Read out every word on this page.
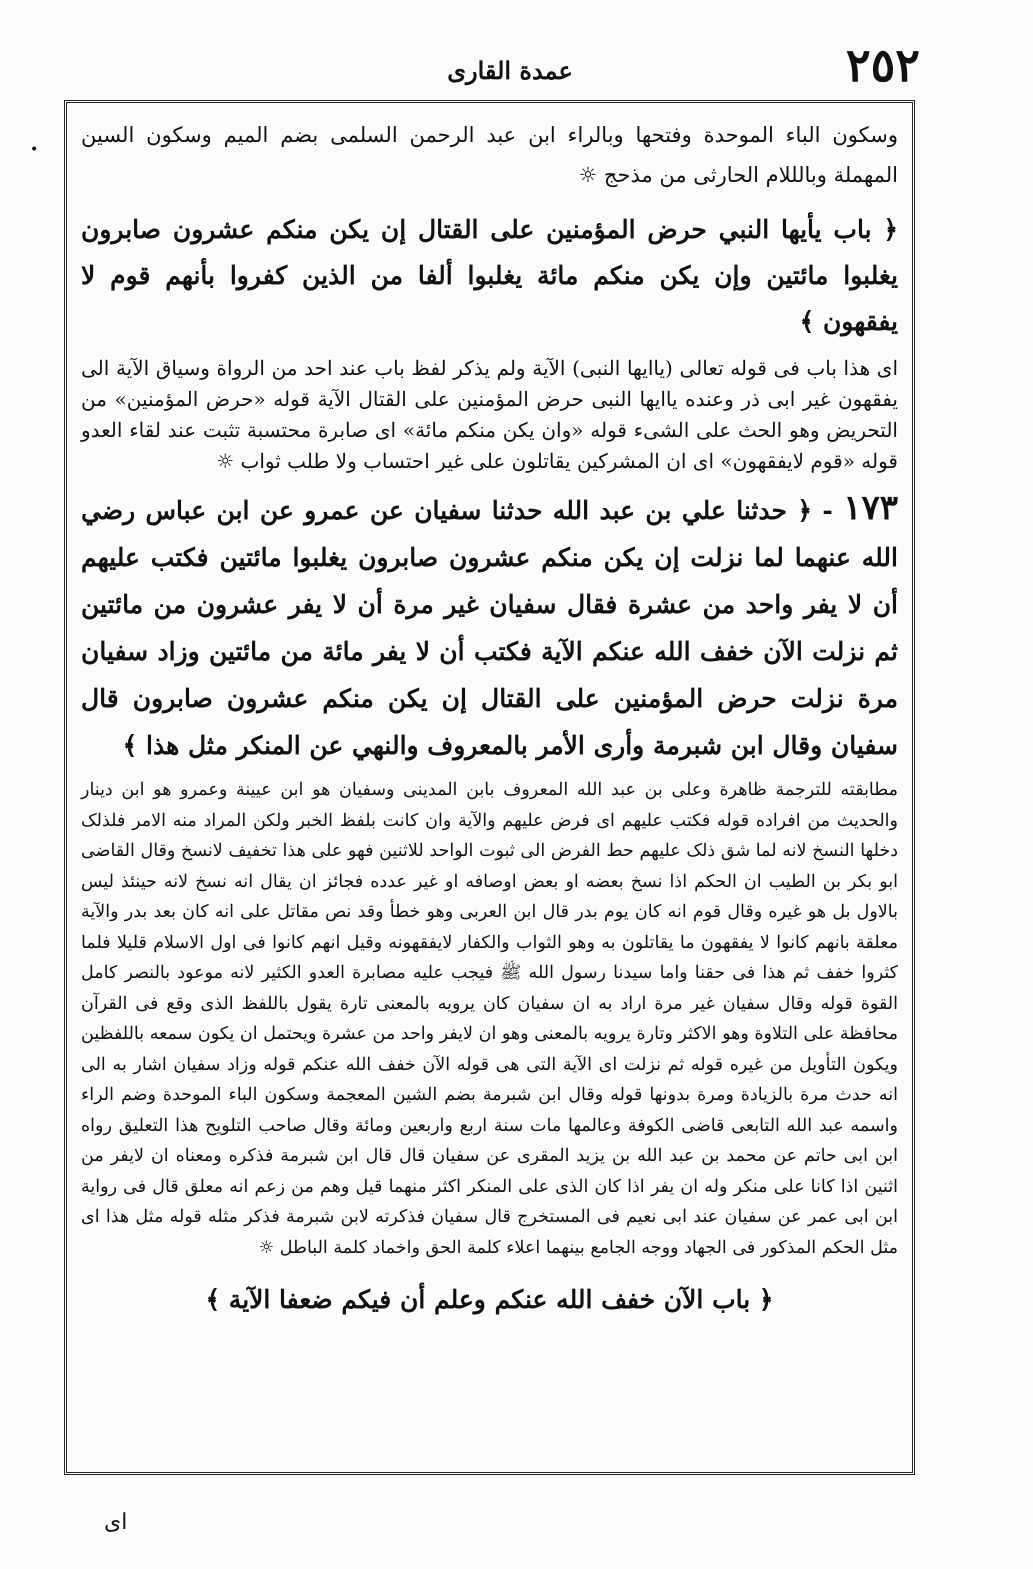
٢٥٢
عمدة القاری
•

وسکون الباء الموحدة وفتحها وبالراء ابن عبد الرحمن السلمی بضم المیم وسکون السین المهملة وبالللام الحارثی من مذحج ☼

﴿ باب يأيها النبي حرض المؤمنين على القتال إن يكن منكم عشرون صابرون يغلبوا مائتين وإن يكن منكم مائة يغلبوا ألفا من الذين كفروا بأنهم قوم لا يفقهون ﴾

ای هذا باب فی قوله تعالی (یاایها النبی) الآیة ولم یذکر لفظ باب عند احد من الرواة وسیاق الآیة الی یفقهون غیر ابی ذر وعنده یاایها النبی حرض المؤمنین علی القتال الآیة قوله «حرض المؤمنین» من التحریض وهو الحث علی الشیء قوله «وان یکن منکم مائة» ای صابرة محتسبة تثبت عند لقاء العدو قوله «قوم لایفقهون» ای ان المشرکین یقاتلون علی غیر احتساب ولا طلب ثواب ☼

١٧٣ - ﴿ حدثنا علي بن عبد الله حدثنا سفيان عن عمرو عن ابن عباس رضي الله عنهما لما نزلت إن يكن منكم عشرون صابرون يغلبوا مائتين فكتب عليهم أن لا يفر واحد من عشرة فقال سفيان غير مرة أن لا يفر عشرون من مائتين ثم نزلت الآن خفف الله عنكم الآية فكتب أن لا يفر مائة من مائتين وزاد سفيان مرة نزلت حرض المؤمنين على القتال إن يكن منكم عشرون صابرون قال سفيان وقال ابن شبرمة وأرى الأمر بالمعروف والنهي عن المنكر مثل هذا ﴾

مطابقته للترجمة ظاهرة وعلی بن عبد الله المعروف بابن المدینی وسفیان هو ابن عیینة وعمرو هو ابن دینار والحدیث من افراده قوله فکتب علیهم ای فرض علیهم والآیة وان کانت بلفظ الخبر ولکن المراد منه الامر فلذلک دخلها النسخ لانه لما شق ذلک علیهم حط الفرض الی ثبوت الواحد للاثنین فهو علی هذا تخفیف لانسخ وقال القاضی ابو بکر بن الطیب ان الحکم اذا نسخ بعضه او بعض اوصافه او غیر عدده فجائز ان یقال انه نسخ لانه حینئذ لیس بالاول بل هو غیره وقال قوم انه کان یوم بدر قال ابن العربی وهو خطأ وقد نص مقاتل علی انه کان بعد بدر والآیة معلقة بانهم کانوا لا یفقهون ما یقاتلون به وهو الثواب والکفار لایفقهونه وقیل انهم کانوا فی اول الاسلام قلیلا فلما کثروا خفف ثم هذا فی حقنا واما سیدنا رسول الله ﷺ فیجب علیه مصابرة العدو الکثیر لانه موعود بالنصر کامل القوة قوله وقال سفیان غیر مرة اراد به ان سفیان کان یرویه بالمعنی تارة یقول باللفظ الذی وقع فی القرآن محافظة علی التلاوة وهو الاکثر وتارة یرویه بالمعنی وهو ان لایفر واحد من عشرة ویحتمل ان یکون سمعه باللفظین ویکون التأویل من غیره قوله ثم نزلت ای الآیة التی هی قوله الآن خفف الله عنکم قوله وزاد سفیان اشار به الی انه حدث مرة بالزیادة ومرة بدونها قوله وقال ابن شبرمة بضم الشین المعجمة وسکون الباء الموحدة وضم الراء واسمه عبد الله التابعی قاضی الکوفة وعالمها مات سنة اربع واربعین ومائة وقال صاحب التلویح هذا التعلیق رواه ابن ابی حاتم عن محمد بن عبد الله بن یزید المقری عن سفیان قال قال ابن شبرمة فذکره ومعناه ان لایفر من اثنین اذا کانا علی منکر وله ان یفر اذا کان الذی علی المنکر اکثر منهما قیل وهم من زعم انه معلق قال فی روایة ابن ابی عمر عن سفیان عند ابی نعیم فی المستخرج قال سفیان فذکرته لابن شبرمة فذکر مثله قوله مثل هذا ای مثل الحکم المذکور فی الجهاد ووجه الجامع بینهما اعلاء کلمة الحق واخماد کلمة الباطل ☼

﴿ باب الآن خفف الله عنكم وعلم أن فيكم ضعفا الآية ﴾

ای
